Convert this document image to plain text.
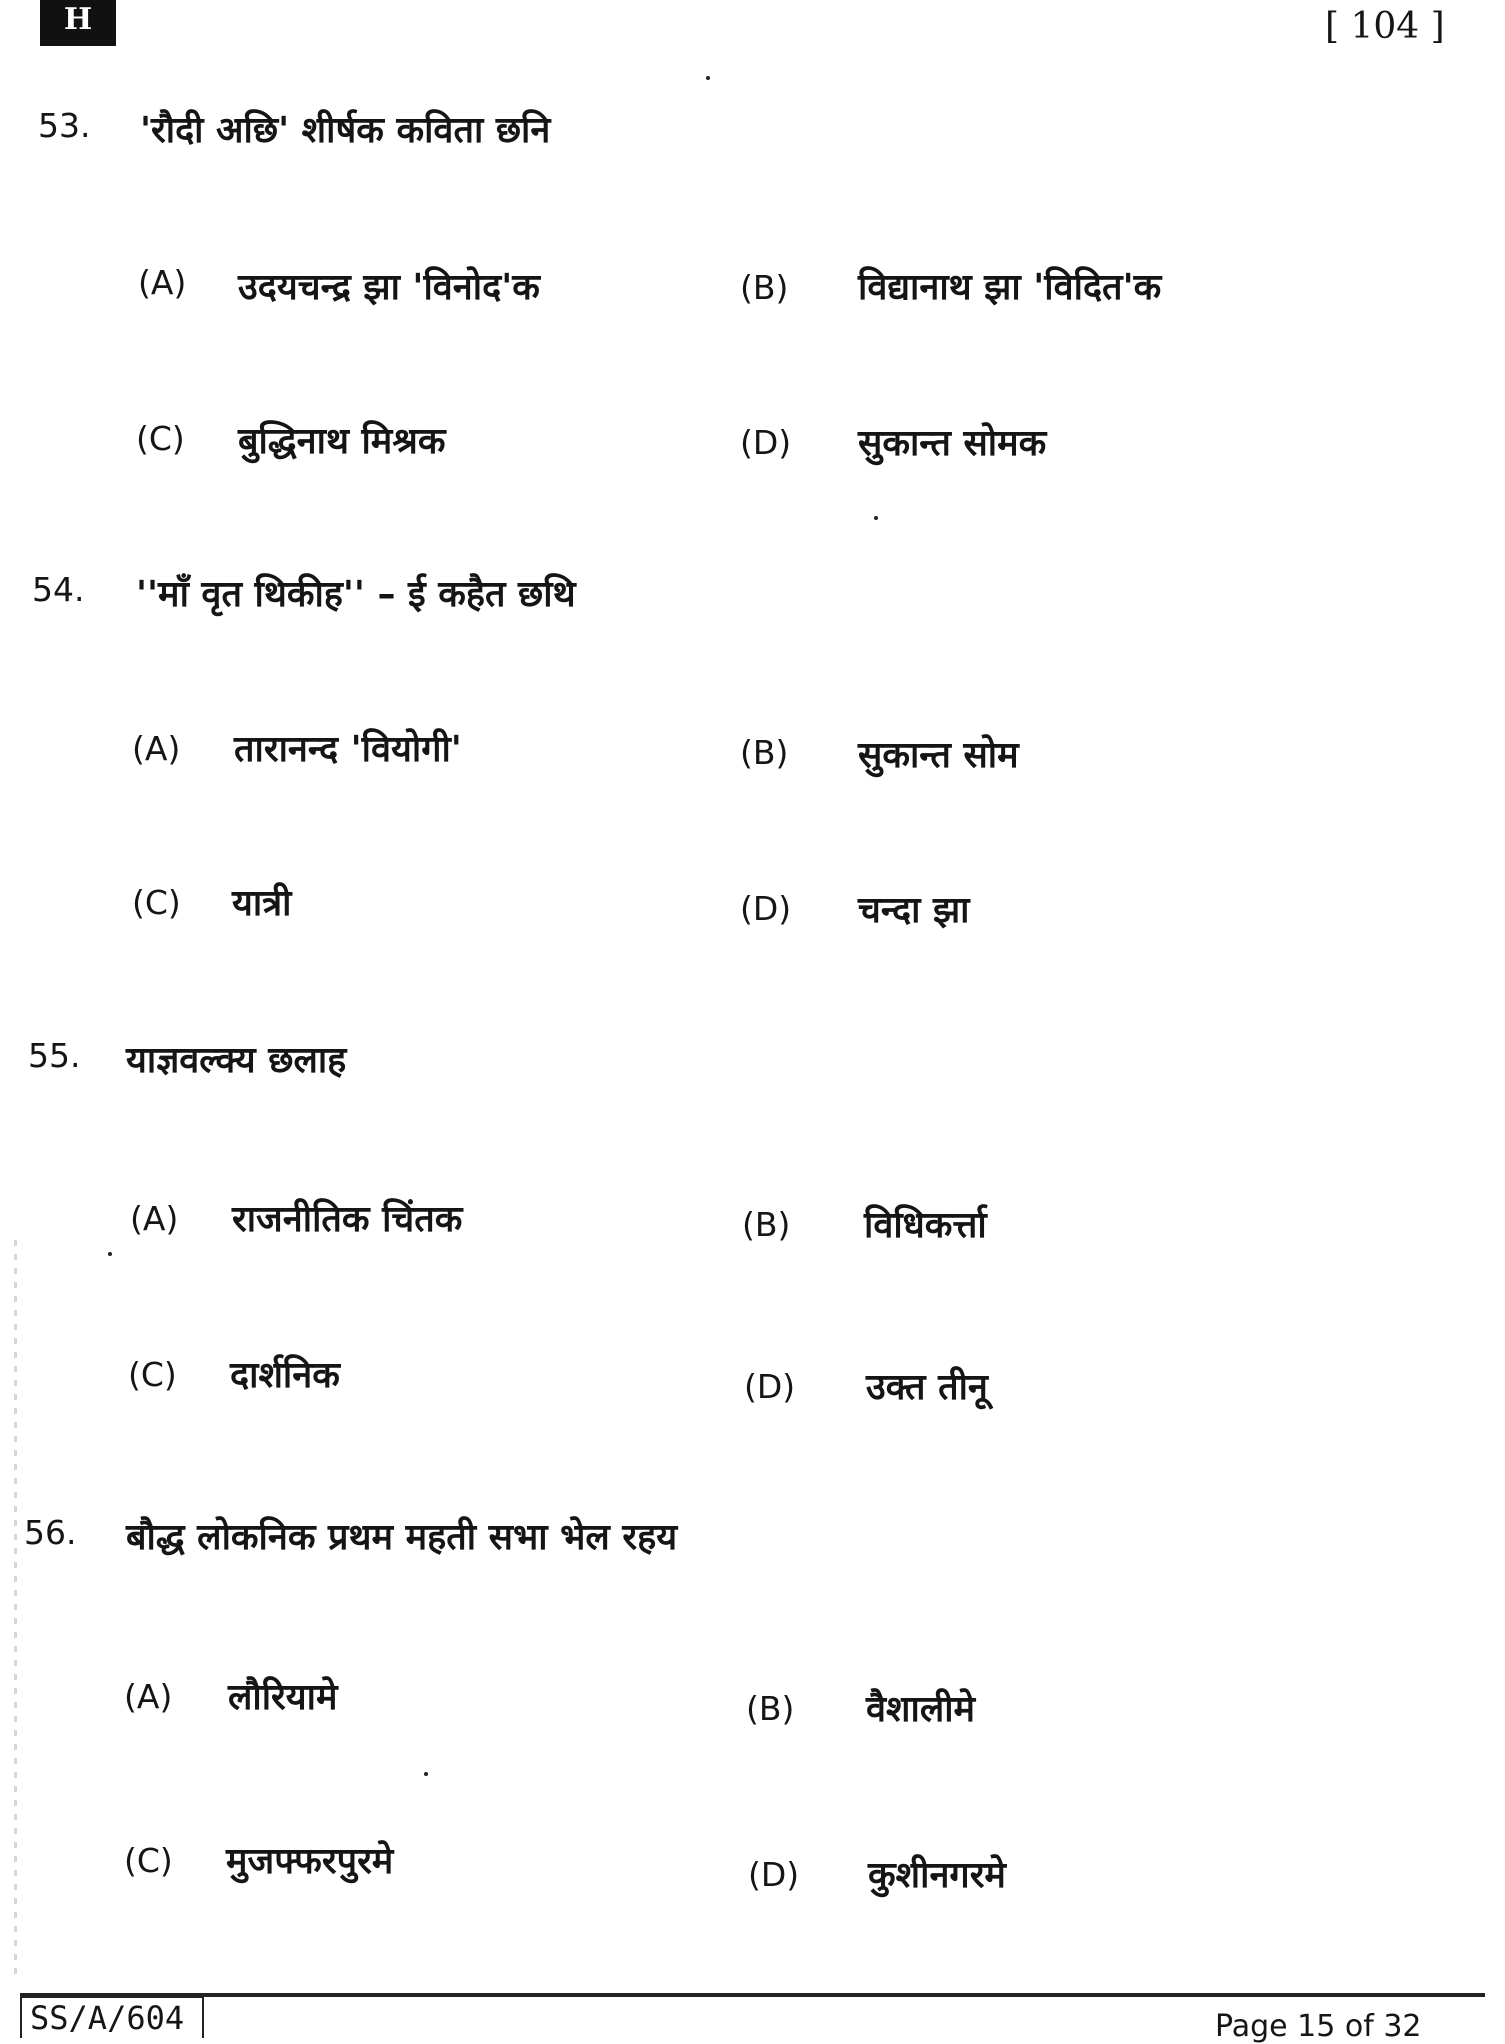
H	[ 104 ]
53. 'रौदी अछि' शीर्षक कविता छनि
(A) उदयचन्द्र झा 'विनोद'क	(B) विद्यानाथ झा 'विदित'क
(C) बुद्धिनाथ मिश्रक	(D) सुकान्त सोमक
54. ''माँ वृत थिकीह'' – ई कहैत छथि
(A) तारानन्द 'वियोगी'	(B) सुकान्त सोम
(C) यात्री	(D) चन्दा झा
55. याज्ञवल्क्य छलाह
(A) राजनीतिक चिंतक	(B) विधिकर्त्ता
(C) दार्शनिक	(D) उक्त तीनू
56. बौद्ध लोकनिक प्रथम महती सभा भेल रहय
(A) लौरियामे	(B) वैशालीमे
(C) मुजफ्फरपुरमे	(D) कुशीनगरमे
SS/A/604	Page 15 of 32
